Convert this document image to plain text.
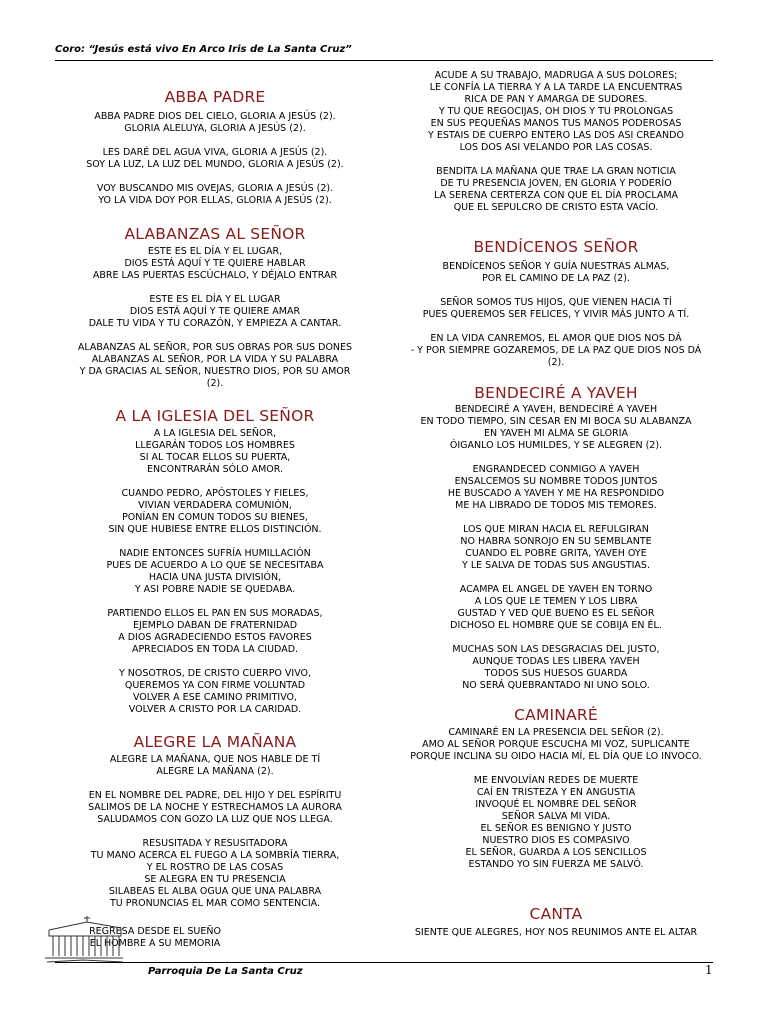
Coro: “Jesús está vivo En Arco Iris de La Santa Cruz”
ABBA PADRE
ABBA PADRE DIOS DEL CIELO, GLORIA A JESÚS (2).
GLORIA ALELUYA, GLORIA A JESÚS (2).
LES DARÉ DEL AGUA VIVA, GLORIA A JESÚS (2).
SOY LA LUZ, LA LUZ DEL MUNDO, GLORIA A JESÚS (2).
VOY BUSCANDO MIS OVEJAS, GLORIA A JESÚS (2).
YO LA VIDA DOY POR ELLAS, GLORIA A JESÚS (2).
ALABANZAS AL SEÑOR
ESTE ES EL DÍA Y EL LUGAR,
DIOS ESTÁ AQUÍ Y TE QUIERE HABLAR
ABRE LAS PUERTAS ESCÚCHALO, Y DÉJALO ENTRAR
ESTE ES EL DÍA Y EL LUGAR
DIOS ESTÁ AQUÍ Y TE QUIERE AMAR
DALE TU VIDA Y TU CORAZÓN, Y EMPIEZA A CANTAR.
ALABANZAS AL SEÑOR, POR SUS OBRAS POR SUS DONES
ALABANZAS AL SEÑOR, POR LA VIDA Y SU PALABRA
Y DA GRACIAS AL SEÑOR, NUESTRO DIOS, POR SU AMOR
(2).
A LA IGLESIA DEL SEÑOR
A LA IGLESIA DEL SEÑOR,
LLEGARÁN TODOS LOS HOMBRES
SI AL TOCAR ELLOS SU PUERTA,
ENCONTRARÁN SÓLO AMOR.
CUANDO PEDRO, APÓSTOLES Y FIELES,
VIVIAN VERDADERA COMUNIÓN,
PONÍAN EN COMUN TODOS SU BIENES,
SIN QUE HUBIESE ENTRE ELLOS DISTINCIÓN.
NADIE ENTONCES SUFRÍA HUMILLACIÓN
PUES DE ACUERDO A LO QUE SE NECESITABA
HACIA UNA JUSTA DIVISIÓN,
Y ASI POBRE NADIE SE QUEDABA.
PARTIENDO ELLOS EL PAN EN SUS MORADAS,
EJEMPLO DABAN DE FRATERNIDAD
A DIOS AGRADECIENDO ESTOS FAVORES
APRECIADOS EN TODA LA CIUDAD.
Y NOSOTROS, DE CRISTO CUERPO VIVO,
QUEREMOS YA CON FIRME VOLUNTAD
VOLVER A ESE CAMINO PRIMITIVO,
VOLVER A CRISTO POR LA CARIDAD.
ALEGRE LA MAÑANA
ALEGRE LA MAÑANA, QUE NOS HABLE DE TÍ
ALEGRE LA MAÑANA (2).
EN EL NOMBRE DEL PADRE, DEL HIJO Y DEL ESPÍRITU
SALIMOS DE LA NOCHE Y ESTRECHAMOS LA AURORA
SALUDAMOS CON GOZO LA LUZ QUE NOS LLEGA.
RESUSITADA Y RESUSITADORA
TU MANO ACERCA EL FUEGO A LA SOMBRÍA TIERRA,
Y EL ROSTRO DE LAS COSAS
SE ALEGRA EN TU PRESENCIA
SILABEAS EL ALBA OGUA QUE UNA PALABRA
TU PRONUNCIAS EL MAR COMO SENTENCIA.
REGRESA DESDE EL SUEÑO
EL HOMBRE A SU MEMORIA
ACUDE A SU TRABAJO, MADRUGA A SUS DOLORES;
LE CONFÍA LA TIERRA Y A LA TARDE LA ENCUENTRAS
RICA DE PAN Y AMARGA DE SUDORES.
Y TU QUE REGOCIJAS, OH DIOS Y TU PROLONGAS
EN SUS PEQUEÑAS MANOS TUS MANOS PODEROSAS
Y ESTAIS DE CUERPO ENTERO LAS DOS ASI CREANDO
LOS DOS ASI VELANDO POR LAS COSAS.
BENDITA LA MAÑANA QUE TRAE LA GRAN NOTICIA
DE TU PRESENCIA JOVEN, EN GLORIA Y PODERÍO
LA SERENA CERTERZA CON QUE EL DÍA PROCLAMA
QUE EL SEPULCRO DE CRISTO ESTA VACÍO.
BENDÍCENOS SEÑOR
BENDÍCENOS SEÑOR Y GUÍA NUESTRAS ALMAS,
POR EL CAMINO DE LA PAZ (2).
SEÑOR SOMOS TUS HIJOS, QUE VIENEN HACIA TÍ
PUES QUEREMOS SER FELICES, Y VIVIR MÁS JUNTO A TÍ.
EN LA VIDA CANREMOS, EL AMOR QUE DIOS NOS DÁ
- Y POR SIEMPRE GOZAREMOS, DE LA PAZ QUE DIOS NOS DÁ
(2).
BENDECIRÉ A YAVEH
BENDECIRÉ A YAVEH, BENDECIRÉ A YAVEH
EN TODO TIEMPO, SIN CESAR EN MI BOCA SU ALABANZA
EN YAVEH MI ALMA SE GLORIA
ÓIGANLO LOS HUMILDES, Y SE ALEGREN (2).
ENGRANDECED CONMIGO A YAVEH
ENSALCEMOS SU NOMBRE TODOS JUNTOS
HE BUSCADO A YAVEH Y ME HA RESPONDIDO
ME HA LIBRADO DE TODOS MIS TEMORES.
LOS QUE MIRAN HACIA EL REFULGIRAN
NO HABRA SONROJO EN SU SEMBLANTE
CUANDO EL POBRE GRITA, YAVEH OYE
Y LE SALVA DE TODAS SUS ANGUSTIAS.
ACAMPA EL ANGEL DE YAVEH EN TORNO
A LOS QUE LE TEMEN Y LOS LIBRA
GUSTAD Y VED QUE BUENO ES EL SEÑOR
DICHOSO EL HOMBRE QUE SE COBIJA EN ÉL.
MUCHAS SON LAS DESGRACIAS DEL JUSTO,
AUNQUE TODAS LES LIBERA YAVEH
TODOS SUS HUESOS GUARDA
NO SERÁ QUEBRANTADO NI UNO SOLO.
CAMINARÉ
CAMINARÉ EN LA PRESENCIA DEL SEÑOR (2).
AMO AL SEÑOR PORQUE ESCUCHA MI VOZ, SUPLICANTE
PORQUE INCLINA SU OIDO HACIA MÍ, EL DÍA QUE LO INVOCO.
ME ENVOLVÍAN REDES DE MUERTE
CAÍ EN TRISTEZA Y EN ANGUSTIA
INVOQUÉ EL NOMBRE DEL SEÑOR
SEÑOR SALVA MI VIDA.
EL SEÑOR ES BENIGNO Y JUSTO
NUESTRO DIOS ES COMPASIVO
EL SEÑOR, GUARDA A LOS SENCILLOS
ESTANDO YO SIN FUERZA ME SALVÓ.
CANTA
SIENTE QUE ALEGRES, HOY NOS REUNIMOS ANTE EL ALTAR
Parroquia De La Santa Cruz	1
